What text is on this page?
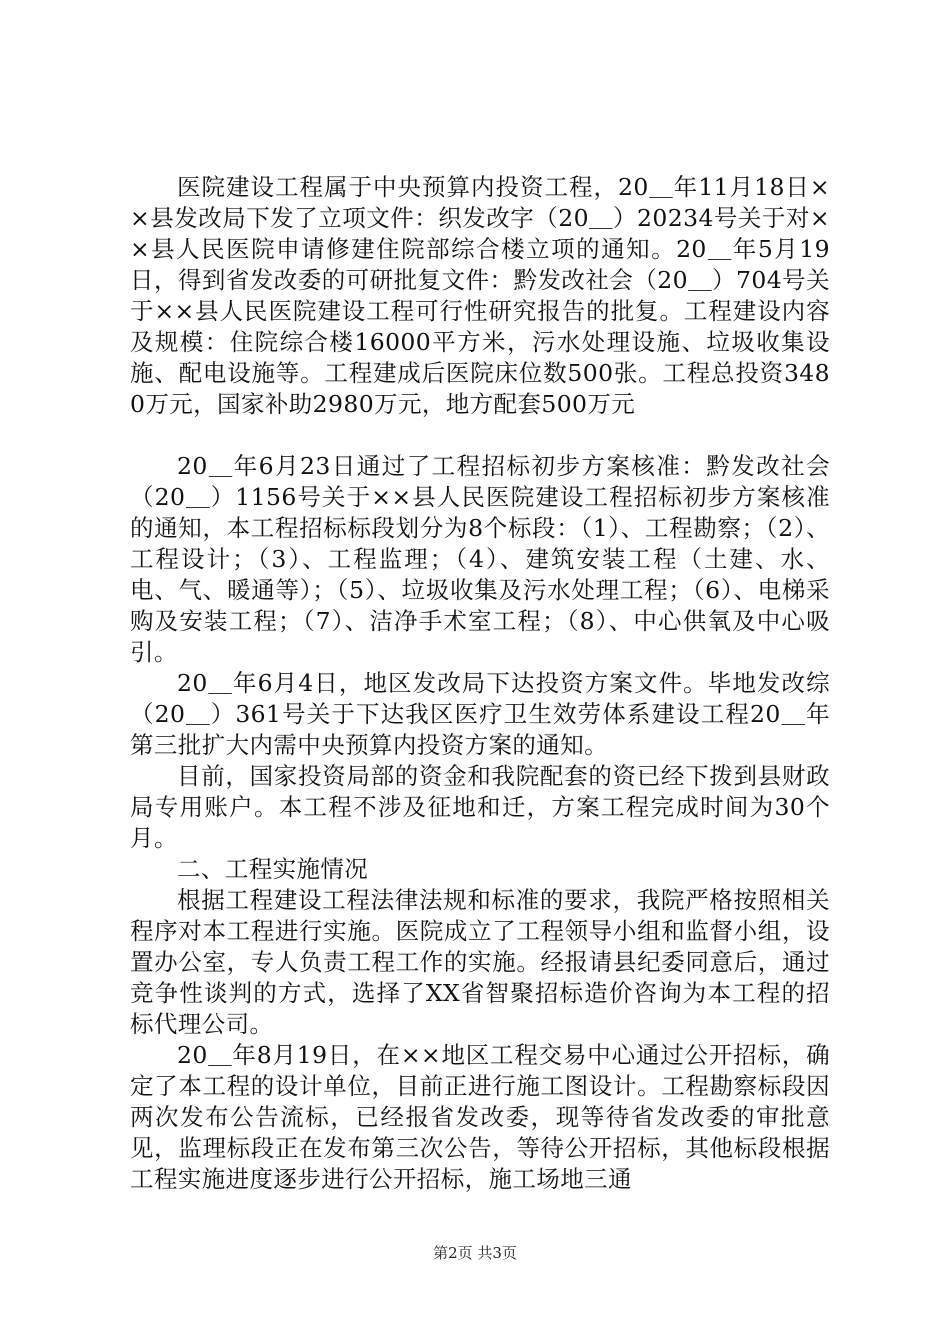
医院建设工程属于中央预算内投资工程，20＿年11月18日××县发改局下发了立项文件：织发改字（20＿）20234号关于对××县人民医院申请修建住院部综合楼立项的通知。20＿年5月19日，得到省发改委的可研批复文件：黔发改社会（20＿）704号关于××县人民医院建设工程可行性研究报告的批复。工程建设内容及规模：住院综合楼16000平方米，污水处理设施、垃圾收集设施、配电设施等。工程建成后医院床位数500张。工程总投资3480万元，国家补助2980万元，地方配套500万元

20＿年6月23日通过了工程招标初步方案核准：黔发改社会（20＿）1156号关于××县人民医院建设工程招标初步方案核准的通知，本工程招标标段划分为8个标段：（1）、工程勘察；（2）、工程设计；（3）、工程监理；（4）、建筑安装工程（土建、水、电、气、暖通等）；（5）、垃圾收集及污水处理工程；（6）、电梯采购及安装工程；（7）、洁净手术室工程；（8）、中心供氧及中心吸引。

20＿年6月4日，地区发改局下达投资方案文件。毕地发改综（20＿）361号关于下达我区医疗卫生效劳体系建设工程20＿年第三批扩大内需中央预算内投资方案的通知。

目前，国家投资局部的资金和我院配套的资已经下拨到县财政局专用账户。本工程不涉及征地和迁，方案工程完成时间为30个月。

二、工程实施情况

根据工程建设工程法律法规和标准的要求，我院严格按照相关程序对本工程进行实施。医院成立了工程领导小组和监督小组，设置办公室，专人负责工程工作的实施。经报请县纪委同意后，通过竞争性谈判的方式，选择了XX省智聚招标造价咨询为本工程的招标代理公司。

20＿年8月19日，在××地区工程交易中心通过公开招标，确定了本工程的设计单位，目前正进行施工图设计。工程勘察标段因两次发布公告流标，已经报省发改委，现等待省发改委的审批意见，监理标段正在发布第三次公告，等待公开招标，其他标段根据工程实施进度逐步进行公开招标，施工场地三通

第2页 共3页
